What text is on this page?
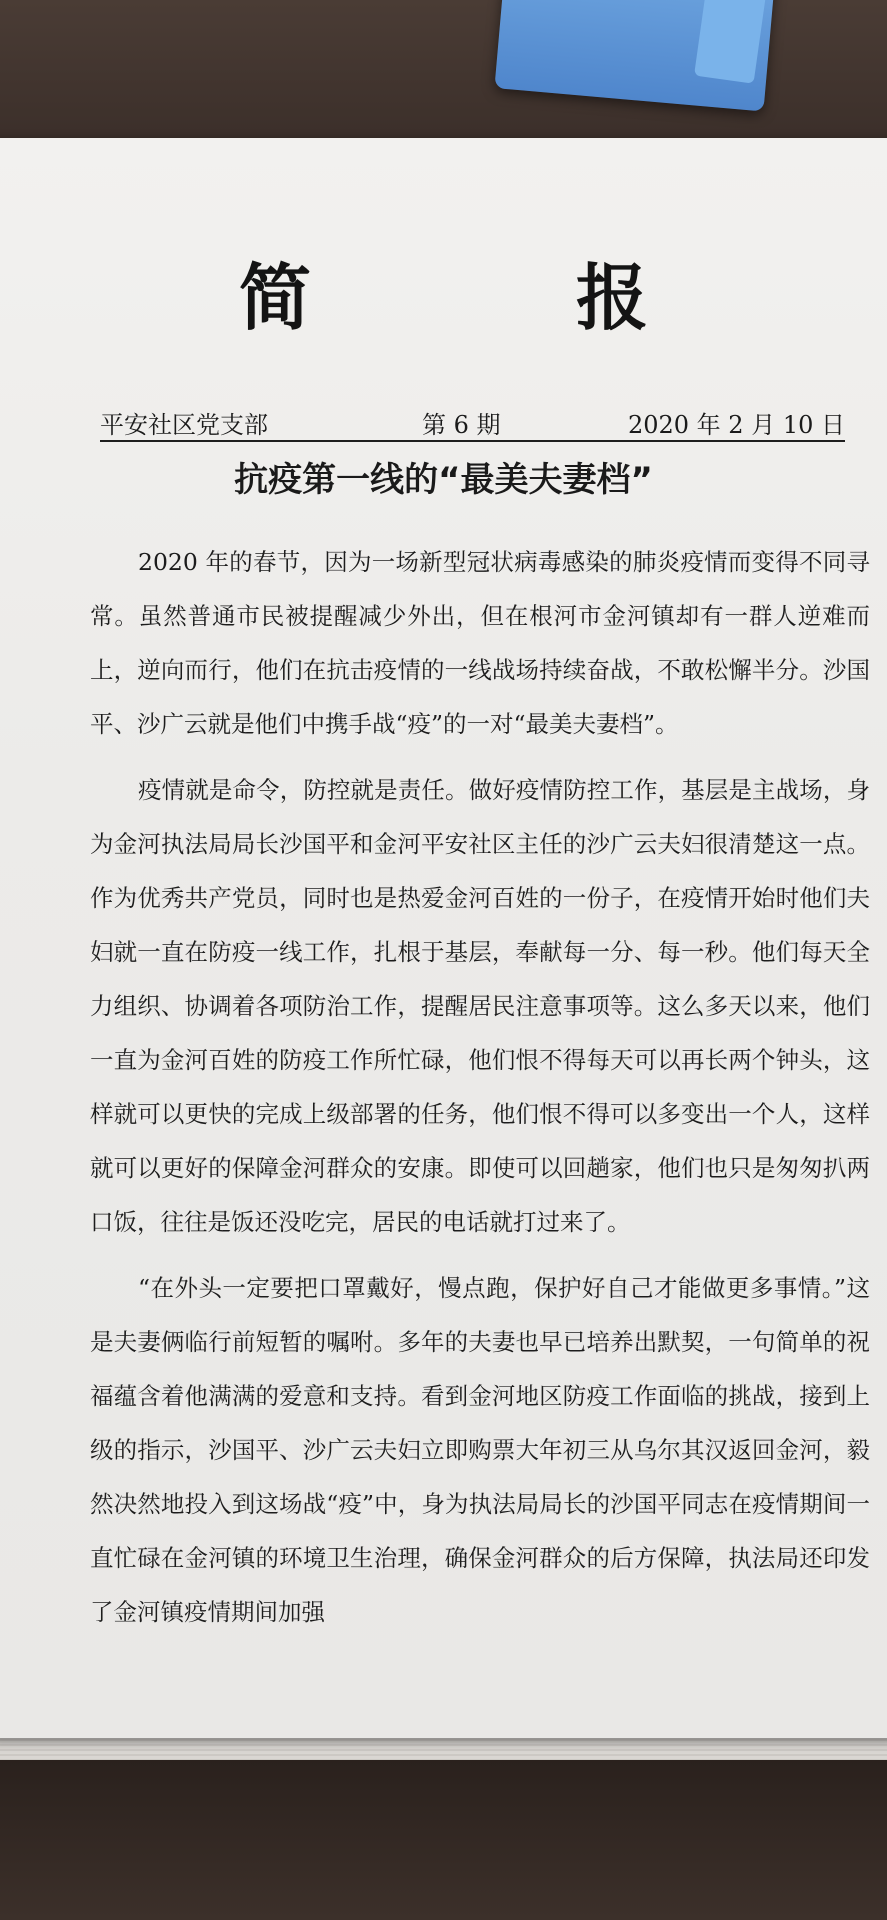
简 报
平安社区党支部	第 6 期	2020 年 2 月 10 日
抗疫第一线的“最美夫妻档”

2020 年的春节，因为一场新型冠状病毒感染的肺炎疫情而变得不同寻常。虽然普通市民被提醒减少外出，但在根河市金河镇却有一群人逆难而上，逆向而行，他们在抗击疫情的一线战场持续奋战，不敢松懈半分。沙国平、沙广云就是他们中携手战“疫”的一对“最美夫妻档”。

疫情就是命令，防控就是责任。做好疫情防控工作，基层是主战场，身为金河执法局局长沙国平和金河平安社区主任的沙广云夫妇很清楚这一点。作为优秀共产党员，同时也是热爱金河百姓的一份子，在疫情开始时他们夫妇就一直在防疫一线工作，扎根于基层，奉献每一分、每一秒。他们每天全力组织、协调着各项防治工作，提醒居民注意事项等。这么多天以来，他们一直为金河百姓的防疫工作所忙碌，他们恨不得每天可以再长两个钟头，这样就可以更快的完成上级部署的任务，他们恨不得可以多变出一个人，这样就可以更好的保障金河群众的安康。即使可以回趟家，他们也只是匆匆扒两口饭，往往是饭还没吃完，居民的电话就打过来了。

“在外头一定要把口罩戴好，慢点跑，保护好自己才能做更多事情。”这是夫妻俩临行前短暂的嘱咐。多年的夫妻也早已培养出默契，一句简单的祝福蕴含着他满满的爱意和支持。看到金河地区防疫工作面临的挑战，接到上级的指示，沙国平、沙广云夫妇立即购票大年初三从乌尔其汉返回金河，毅然决然地投入到这场战“疫”中，身为执法局局长的沙国平同志在疫情期间一直忙碌在金河镇的环境卫生治理，确保金河群众的后方保障，执法局还印发了金河镇疫情期间加强
